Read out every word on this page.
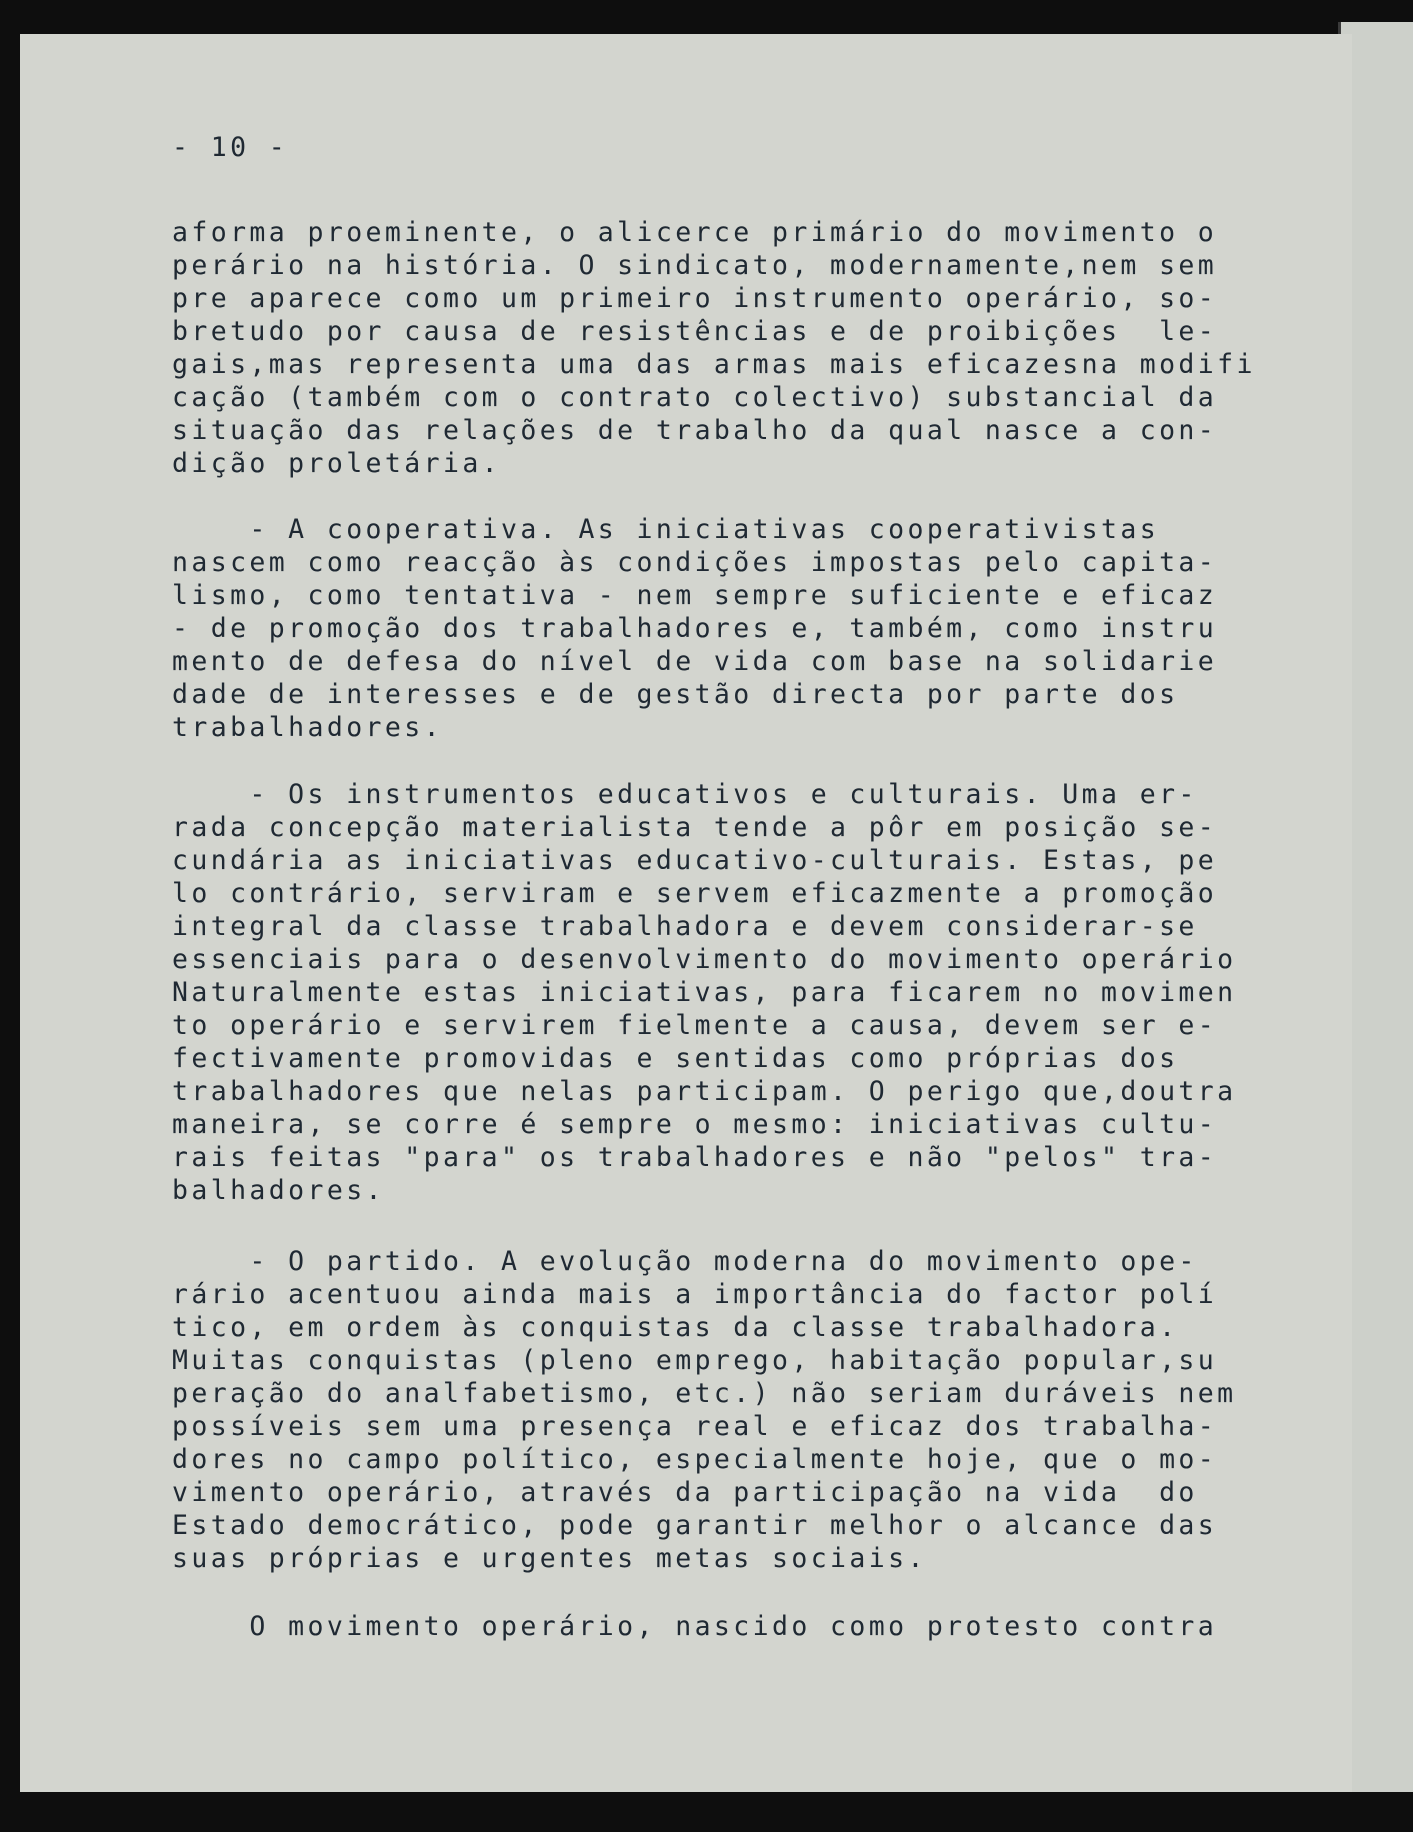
- 10 -

aforma proeminente, o alicerce primário do movimento o

perário na história. O sindicato, modernamente,nem sem

pre aparece como um primeiro instrumento operário, so-

bretudo por causa de resistências e de proibições  le-

gais,mas representa uma das armas mais eficazesna modifi

cação (também com o contrato colectivo) substancial da

situação das relações de trabalho da qual nasce a con-

dição proletária.

- A cooperativa. As iniciativas cooperativistas

nascem como reacção às condições impostas pelo capita-

lismo, como tentativa - nem sempre suficiente e eficaz

- de promoção dos trabalhadores e, também, como instru

mento de defesa do nível de vida com base na solidarie

dade de interesses e de gestão directa por parte dos

trabalhadores.

- Os instrumentos educativos e culturais. Uma er-

rada concepção materialista tende a pôr em posição se-

cundária as iniciativas educativo-culturais. Estas, pe

lo contrário, serviram e servem eficazmente a promoção

integral da classe trabalhadora e devem considerar-se

essenciais para o desenvolvimento do movimento operário

Naturalmente estas iniciativas, para ficarem no movimen

to operário e servirem fielmente a causa, devem ser e-

fectivamente promovidas e sentidas como próprias dos

trabalhadores que nelas participam. O perigo que,doutra

maneira, se corre é sempre o mesmo: iniciativas cultu-

rais feitas "para" os trabalhadores e não "pelos" tra-

balhadores.

- O partido. A evolução moderna do movimento ope-

rário acentuou ainda mais a importância do factor polí

tico, em ordem às conquistas da classe trabalhadora.

Muitas conquistas (pleno emprego, habitação popular,su

peração do analfabetismo, etc.) não seriam duráveis nem

possíveis sem uma presença real e eficaz dos trabalha-

dores no campo político, especialmente hoje, que o mo-

vimento operário, através da participação na vida  do

Estado democrático, pode garantir melhor o alcance das

suas próprias e urgentes metas sociais.

O movimento operário, nascido como protesto contra
